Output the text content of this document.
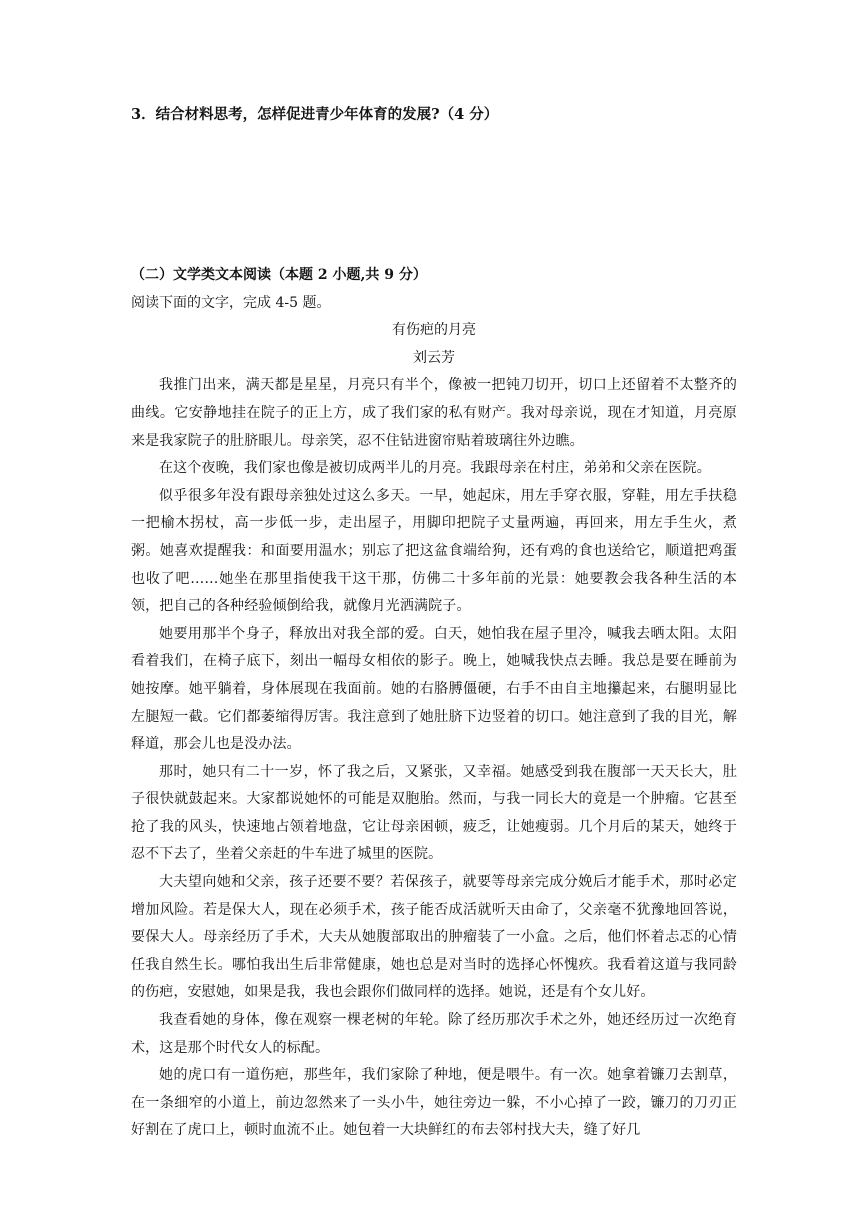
3．结合材料思考，怎样促进青少年体育的发展?（4 分）

（二）文学类文本阅读（本题 2 小题,共 9 分）

阅读下面的文字，完成 4-5 题。

有伤疤的月亮

刘云芳

我推门出来，满天都是星星，月亮只有半个，像被一把钝刀切开，切口上还留着不太整齐的曲线。它安静地挂在院子的正上方，成了我们家的私有财产。我对母亲说，现在才知道，月亮原来是我家院子的肚脐眼儿。母亲笑，忍不住钻进窗帘贴着玻璃往外边瞧。

在这个夜晚，我们家也像是被切成两半儿的月亮。我跟母亲在村庄，弟弟和父亲在医院。

似乎很多年没有跟母亲独处过这么多天。一早，她起床，用左手穿衣服，穿鞋，用左手扶稳一把榆木拐杖，高一步低一步，走出屋子，用脚印把院子丈量两遍，再回来，用左手生火，煮粥。她喜欢提醒我：和面要用温水；别忘了把这盆食端给狗，还有鸡的食也送给它，顺道把鸡蛋也收了吧……她坐在那里指使我干这干那，仿佛二十多年前的光景：她要教会我各种生活的本领，把自己的各种经验倾倒给我，就像月光洒满院子。

她要用那半个身子，释放出对我全部的爱。白天，她怕我在屋子里冷，喊我去晒太阳。太阳看着我们，在椅子底下，刻出一幅母女相依的影子。晚上，她喊我快点去睡。我总是要在睡前为她按摩。她平躺着，身体展现在我面前。她的右胳膊僵硬，右手不由自主地攥起来，右腿明显比左腿短一截。它们都萎缩得厉害。我注意到了她肚脐下边竖着的切口。她注意到了我的目光，解释道，那会儿也是没办法。

那时，她只有二十一岁，怀了我之后，又紧张，又幸福。她感受到我在腹部一天天长大，肚子很快就鼓起来。大家都说她怀的可能是双胞胎。然而，与我一同长大的竟是一个肿瘤。它甚至抢了我的风头，快速地占领着地盘，它让母亲困顿，疲乏，让她瘦弱。几个月后的某天，她终于忍不下去了，坐着父亲赶的牛车进了城里的医院。

大夫望向她和父亲，孩子还要不要？若保孩子，就要等母亲完成分娩后才能手术，那时必定增加风险。若是保大人，现在必须手术，孩子能否成活就听天由命了，父亲毫不犹豫地回答说，要保大人。母亲经历了手术，大夫从她腹部取出的肿瘤装了一小盒。之后，他们怀着忐忑的心情任我自然生长。哪怕我出生后非常健康，她也总是对当时的选择心怀愧疚。我看着这道与我同龄的伤疤，安慰她，如果是我，我也会跟你们做同样的选择。她说，还是有个女儿好。

我查看她的身体，像在观察一棵老树的年轮。除了经历那次手术之外，她还经历过一次绝育术，这是那个时代女人的标配。

她的虎口有一道伤疤，那些年，我们家除了种地，便是喂牛。有一次。她拿着镰刀去割草，在一条细窄的小道上，前边忽然来了一头小牛，她往旁边一躲，不小心掉了一跤，镰刀的刀刃正好割在了虎口上，顿时血流不止。她包着一大块鲜红的布去邻村找大夫，缝了好几
